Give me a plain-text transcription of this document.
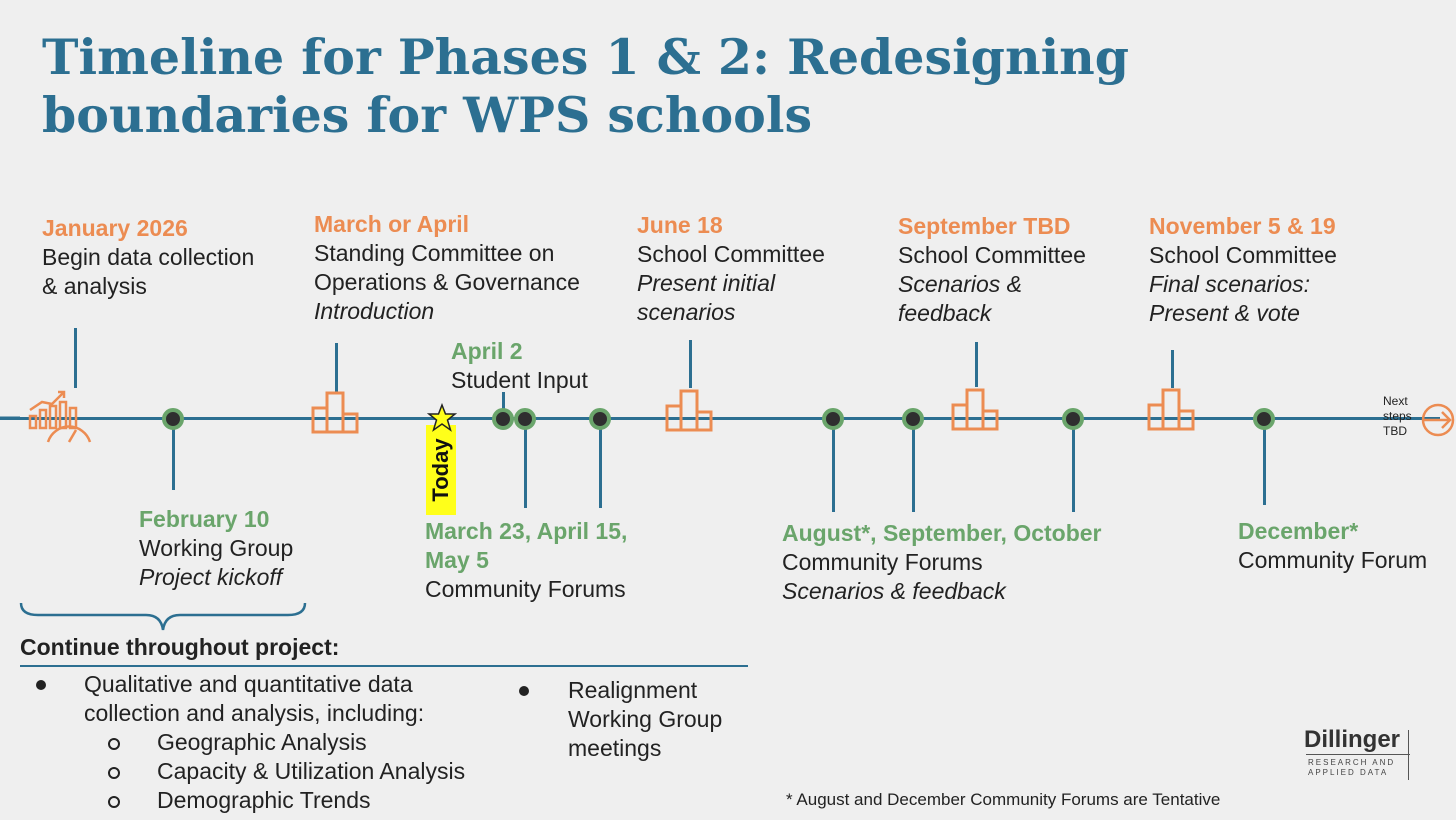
Timeline for Phases 1 & 2: Redesigning boundaries for WPS schools
Today
Next
steps
TBD
January 2026
Begin data collection
& analysis
March or April
Standing Committee on
Operations & Governance
Introduction
April 2
Student Input
June 18
School Committee
Present initial
scenarios
September TBD
School Committee
Scenarios &
feedback
November 5 & 19
School Committee
Final scenarios:
Present & vote
February 10
Working Group
Project kickoff
March 23, April 15,
May 5
Community Forums
August*, September, October
Community Forums
Scenarios & feedback
December*
Community Forum
Continue throughout project:
Qualitative and quantitative data
collection and analysis, including:
Geographic Analysis
Capacity & Utilization Analysis
Demographic Trends
Realignment
Working Group
meetings
* August and December Community Forums are Tentative
Dillinger
RESEARCH AND
APPLIED DATA
